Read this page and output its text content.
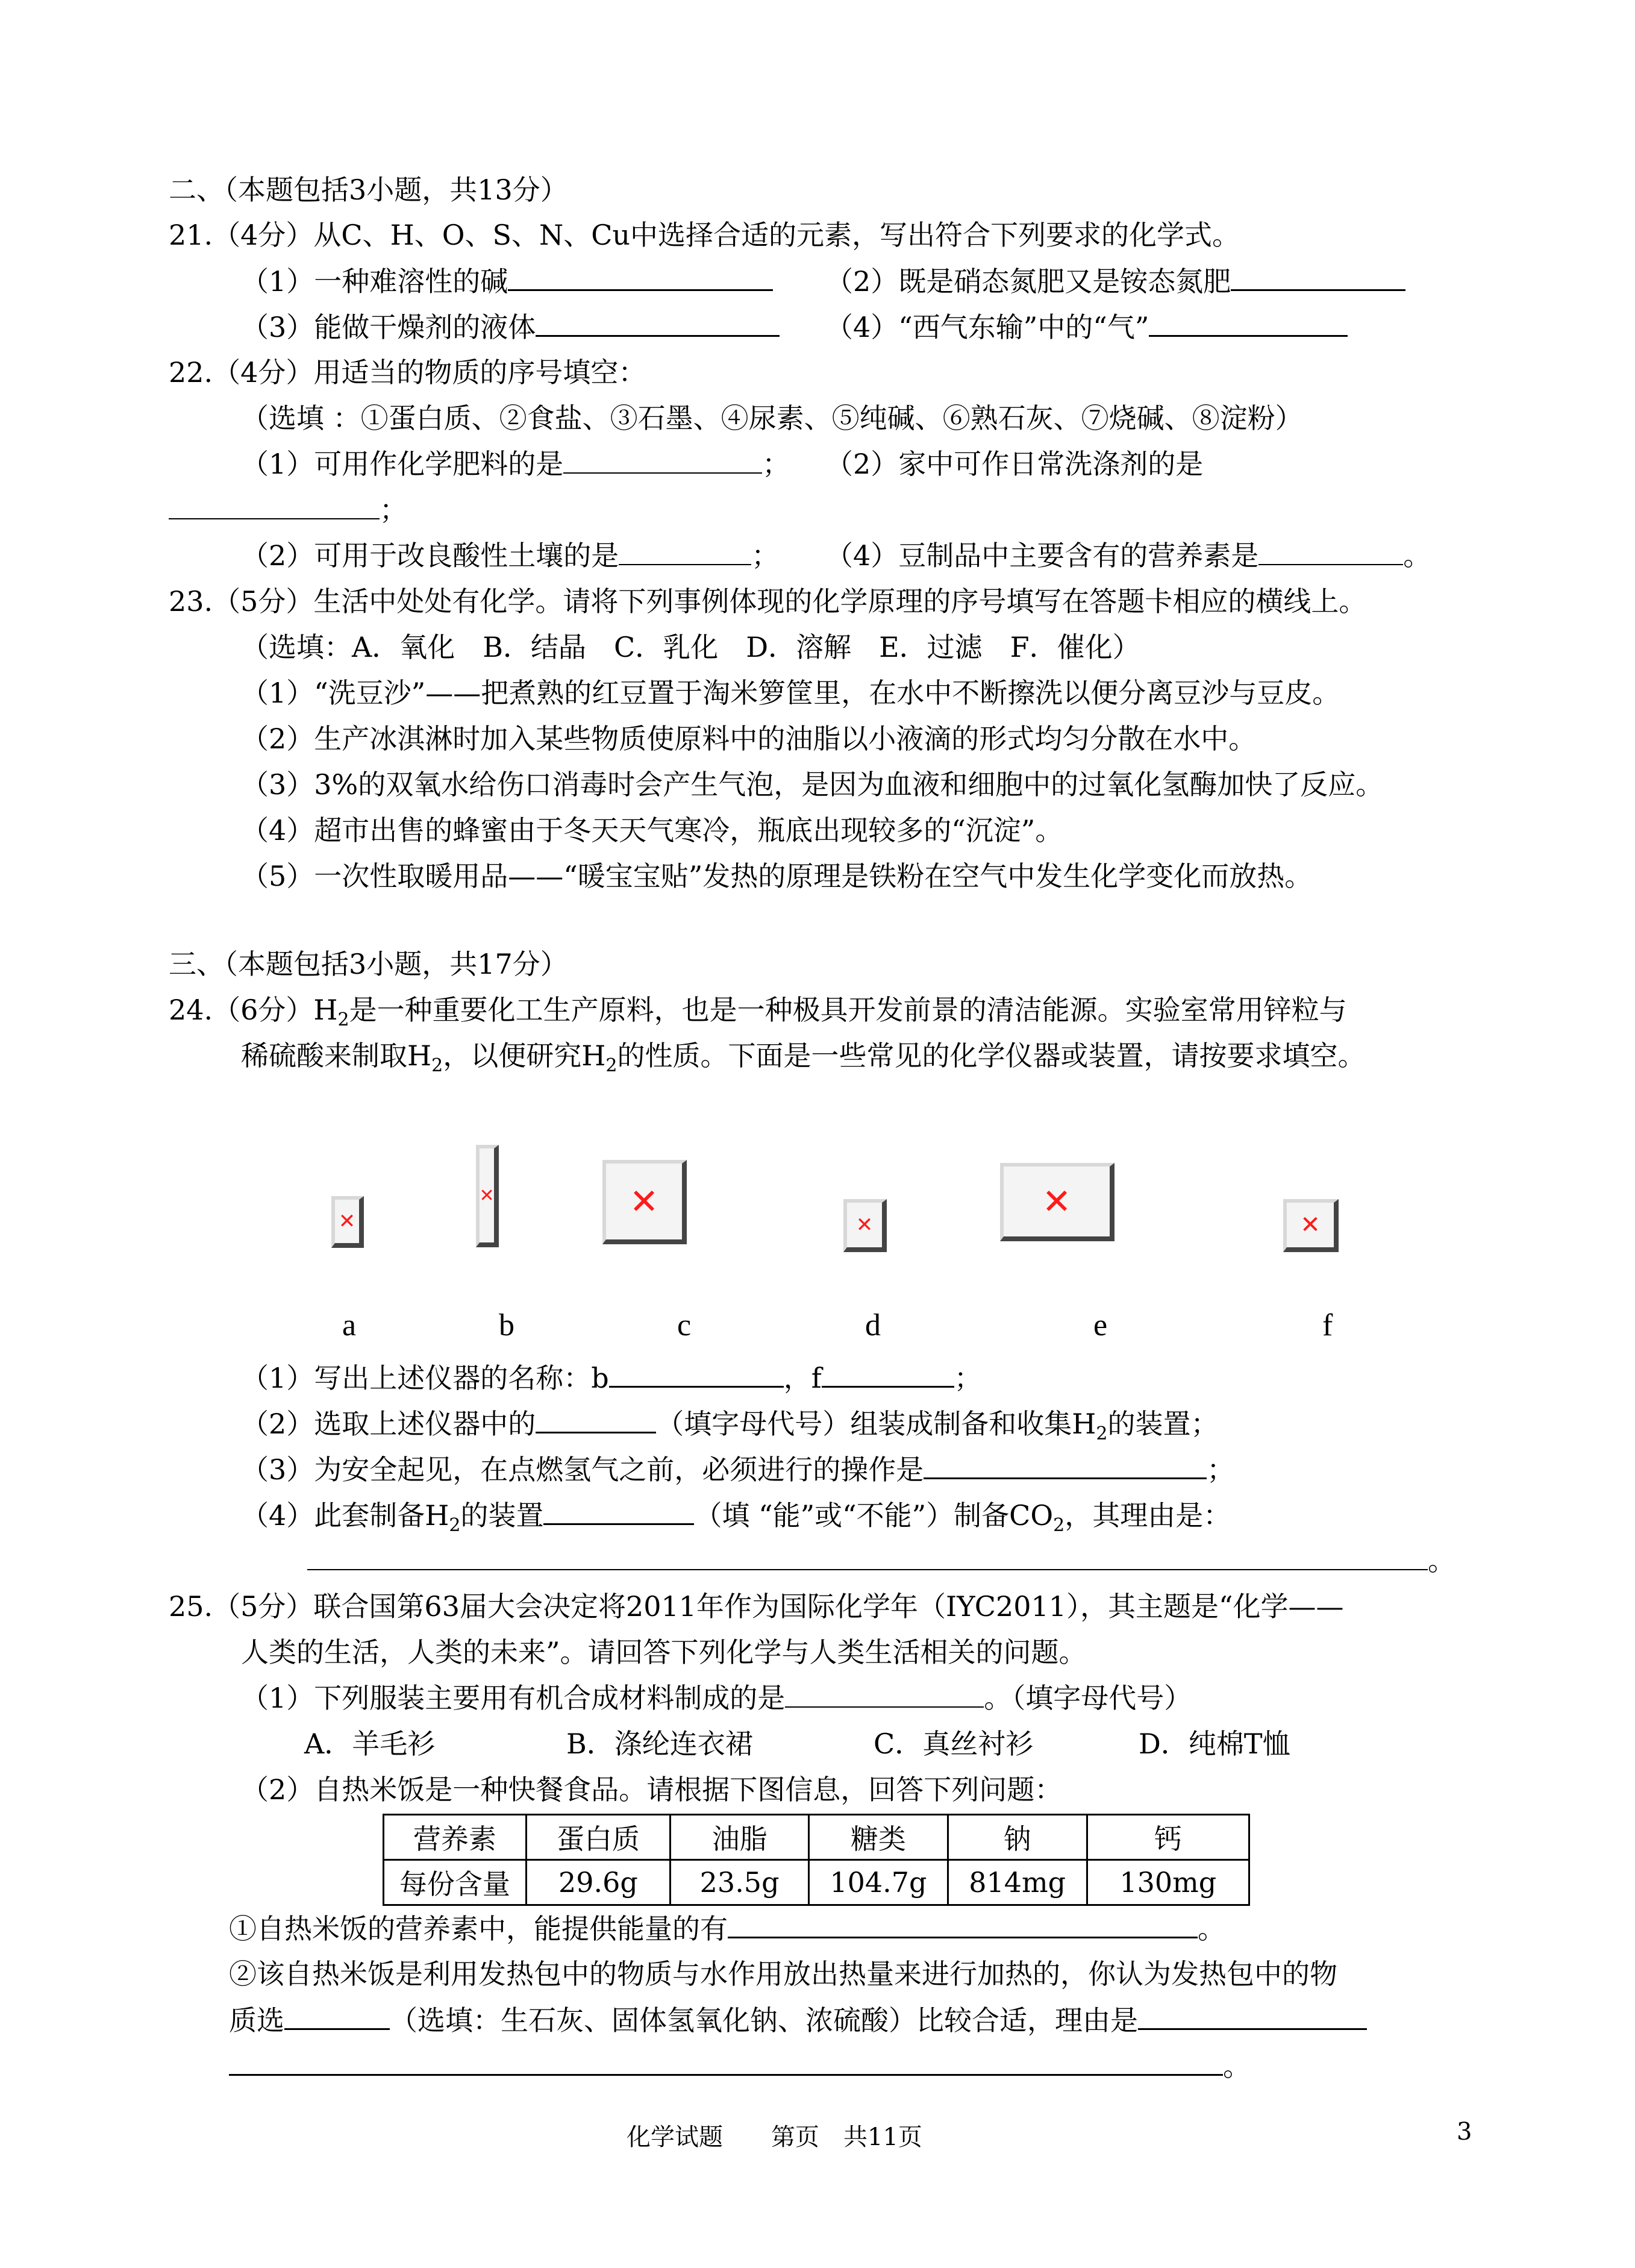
二、（本题包括3小题，共13分）
21.（4分）从C、H、O、S、N、Cu中选择合适的元素，写出符合下列要求的化学式。
（1）一种难溶性的碱	（2）既是硝态氮肥又是铵态氮肥
（3）能做干燥剂的液体	（4）“西气东输”中的“气”
22.（4分）用适当的物质的序号填空：
（选填 ：①蛋白质、②食盐、③石墨、④尿素、⑤纯碱、⑥熟石灰、⑦烧碱、⑧淀粉）
（1）可用作化学肥料的是	； （2）家中可作日常洗涤剂的是
；
（2）可用于改良酸性土壤的是	； （4）豆制品中主要含有的营养素是	。
23.（5分）生活中处处有化学。请将下列事例体现的化学原理的序号填写在答题卡相应的横线上。
（选填：A．氧化　B．结晶　C．乳化　D．溶解　E．过滤　F．催化）
（1）“洗豆沙”——把煮熟的红豆置于淘米箩筐里，在水中不断擦洗以便分离豆沙与豆皮。
（2）生产冰淇淋时加入某些物质使原料中的油脂以小液滴的形式均匀分散在水中。
（3）3%的双氧水给伤口消毒时会产生气泡，是因为血液和细胞中的过氧化氢酶加快了反应。
（4）超市出售的蜂蜜由于冬天天气寒冷，瓶底出现较多的“沉淀”。
（5）一次性取暖用品——“暖宝宝贴”发热的原理是铁粉在空气中发生化学变化而放热。
三、（本题包括3小题，共17分）
24.（6分）$H_2$是一种重要化工生产原料，也是一种极具开发前景的清洁能源。实验室常用锌粒与
稀硫酸来制取$H_2$，以便研究$H_2$的性质。下面是一些常见的化学仪器或装置，请按要求填空。
✕
✕	✕
✕
✕
✕
a	b	c	d	e	f
（1）写出上述仪器的名称：b	，f	；
（2）选取上述仪器中的	（填字母代号）组装成制备和收集$H_2$的装置；
（3）为安全起见，在点燃氢气之前，必须进行的操作是	；
（4）此套制备$H_2$的装置	（填 “能”或“不能”）制备$CO_2$，其理由是：
。
25.（5分）联合国第63届大会决定将2011年作为国际化学年（IYC2011），其主题是“化学——
人类的生活，人类的未来”。请回答下列化学与人类生活相关的问题。
（1）下列服装主要用有机合成材料制成的是	。（填字母代号）
A．羊毛衫	B．涤纶连衣裙	C．真丝衬衫	D．纯棉T恤
（2）自热米饭是一种快餐食品。请根据下图信息，回答下列问题：
营养素	蛋白质	油脂	糖类	钠	钙
每份含量	29.6g	23.5g	104.7g	814mg	130mg
①自热米饭的营养素中，能提供能量的有	。
②该自热米饭是利用发热包中的物质与水作用放出热量来进行加热的，你认为发热包中的物
质选	（选填：生石灰、固体氢氧化钠、浓硫酸）比较合适，理由是
。
化学试题　　第页　共11页	3
